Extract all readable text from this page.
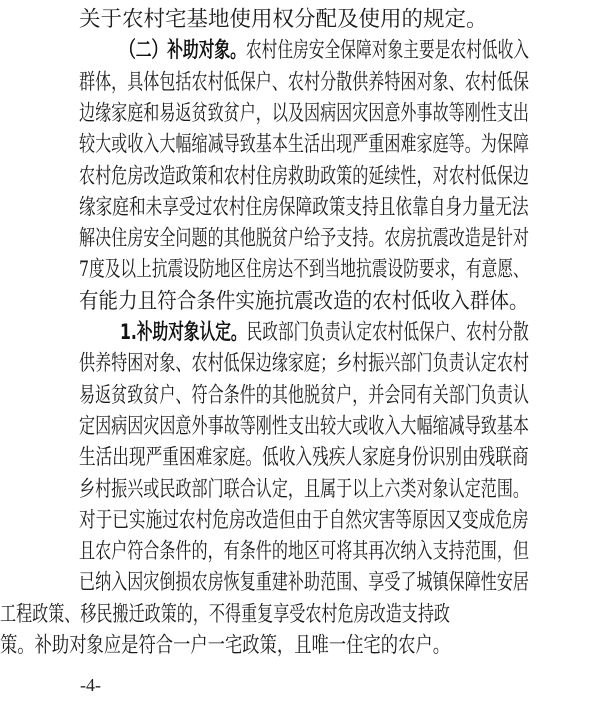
关于农村宅基地使用权分配及使用的规定。
（二）补助对象。农村住房安全保障对象主要是农村低收入
群体，具体包括农村低保户、农村分散供养特困对象、农村低保
边缘家庭和易返贫致贫户，以及因病因灾因意外事故等刚性支出
较大或收入大幅缩减导致基本生活出现严重困难家庭等。为保障
农村危房改造政策和农村住房救助政策的延续性，对农村低保边
缘家庭和未享受过农村住房保障政策支持且依靠自身力量无法
解决住房安全问题的其他脱贫户给予支持。农房抗震改造是针对
7度及以上抗震设防地区住房达不到当地抗震设防要求，有意愿、
有能力且符合条件实施抗震改造的农村低收入群体。
1.补助对象认定。民政部门负责认定农村低保户、农村分散
供养特困对象、农村低保边缘家庭；乡村振兴部门负责认定农村
易返贫致贫户、符合条件的其他脱贫户，并会同有关部门负责认
定因病因灾因意外事故等刚性支出较大或收入大幅缩减导致基本
生活出现严重困难家庭。低收入残疾人家庭身份识别由残联商
乡村振兴或民政部门联合认定，且属于以上六类对象认定范围。
对于已实施过农村危房改造但由于自然灾害等原因又变成危房
且农户符合条件的，有条件的地区可将其再次纳入支持范围，但
已纳入因灾倒损农房恢复重建补助范围、享受了城镇保障性安居
工程政策、移民搬迁政策的，不得重复享受农村危房改造支持政
策。补助对象应是符合一户一宅政策，且唯一住宅的农户。
-4-
